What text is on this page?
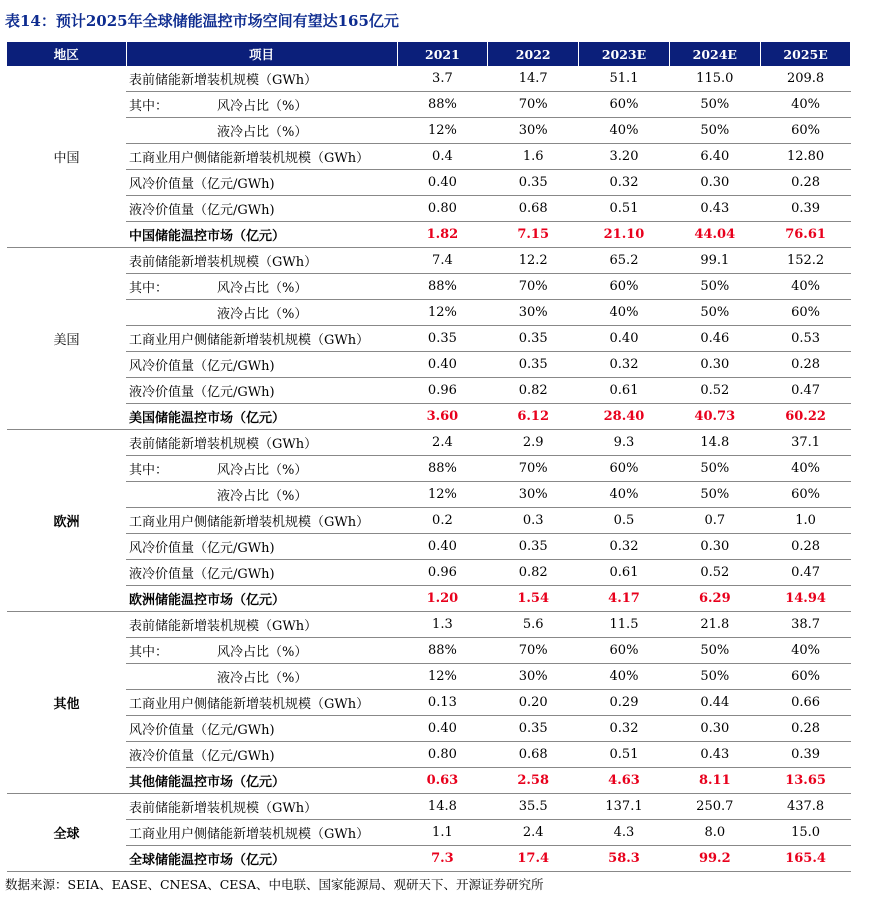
表14：预计2025年全球储能温控市场空间有望达165亿元
地区	项目	2021	2022	2023E	2024E	2025E
中国	表前储能新增装机规模（GWh）	3.7	14.7	51.1	115.0	209.8
	其中： 风冷占比（%）	88%	70%	60%	50%	40%
	液冷占比（%）	12%	30%	40%	50%	60%
	工商业用户侧储能新增装机规模（GWh）	0.4	1.6	3.20	6.40	12.80
	风冷价值量（亿元/GWh)	0.40	0.35	0.32	0.30	0.28
	液冷价值量（亿元/GWh)	0.80	0.68	0.51	0.43	0.39
	中国储能温控市场（亿元）	1.82	7.15	21.10	44.04	76.61
美国	表前储能新增装机规模（GWh）	7.4	12.2	65.2	99.1	152.2
	其中： 风冷占比（%）	88%	70%	60%	50%	40%
	液冷占比（%）	12%	30%	40%	50%	60%
	工商业用户侧储能新增装机规模（GWh）	0.35	0.35	0.40	0.46	0.53
	风冷价值量（亿元/GWh)	0.40	0.35	0.32	0.30	0.28
	液冷价值量（亿元/GWh)	0.96	0.82	0.61	0.52	0.47
	美国储能温控市场（亿元）	3.60	6.12	28.40	40.73	60.22
欧洲	表前储能新增装机规模（GWh）	2.4	2.9	9.3	14.8	37.1
	其中： 风冷占比（%）	88%	70%	60%	50%	40%
	液冷占比（%）	12%	30%	40%	50%	60%
	工商业用户侧储能新增装机规模（GWh）	0.2	0.3	0.5	0.7	1.0
	风冷价值量（亿元/GWh)	0.40	0.35	0.32	0.30	0.28
	液冷价值量（亿元/GWh)	0.96	0.82	0.61	0.52	0.47
	欧洲储能温控市场（亿元）	1.20	1.54	4.17	6.29	14.94
其他	表前储能新增装机规模（GWh）	1.3	5.6	11.5	21.8	38.7
	其中： 风冷占比（%）	88%	70%	60%	50%	40%
	液冷占比（%）	12%	30%	40%	50%	60%
	工商业用户侧储能新增装机规模（GWh）	0.13	0.20	0.29	0.44	0.66
	风冷价值量（亿元/GWh)	0.40	0.35	0.32	0.30	0.28
	液冷价值量（亿元/GWh)	0.80	0.68	0.51	0.43	0.39
	其他储能温控市场（亿元）	0.63	2.58	4.63	8.11	13.65
全球	表前储能新增装机规模（GWh）	14.8	35.5	137.1	250.7	437.8
	工商业用户侧储能新增装机规模（GWh）	1.1	2.4	4.3	8.0	15.0
	全球储能温控市场（亿元）	7.3	17.4	58.3	99.2	165.4
数据来源：SEIA、EASE、CNESA、CESA、中电联、国家能源局、观研天下、开源证券研究所
